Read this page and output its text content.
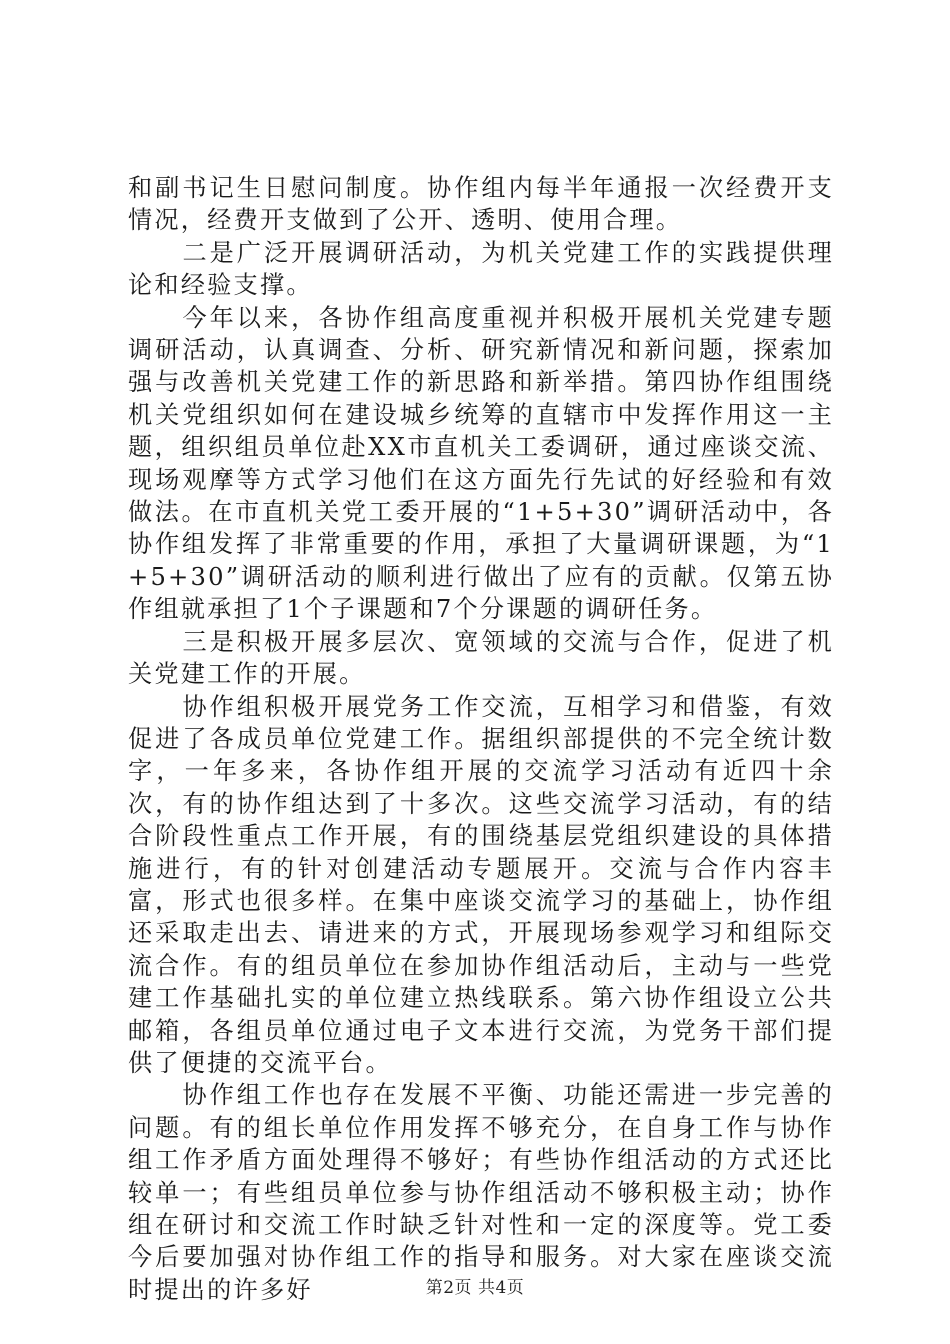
和副书记生日慰问制度。协作组内每半年通报一次经费开支情况，经费开支做到了公开、透明、使用合理。

二是广泛开展调研活动，为机关党建工作的实践提供理论和经验支撑。

今年以来，各协作组高度重视并积极开展机关党建专题调研活动，认真调查、分析、研究新情况和新问题，探索加强与改善机关党建工作的新思路和新举措。第四协作组围绕机关党组织如何在建设城乡统筹的直辖市中发挥作用这一主题，组织组员单位赴XX市直机关工委调研，通过座谈交流、现场观摩等方式学习他们在这方面先行先试的好经验和有效做法。在市直机关党工委开展的“1+5+30”调研活动中，各协作组发挥了非常重要的作用，承担了大量调研课题，为“1+5+30”调研活动的顺利进行做出了应有的贡献。仅第五协作组就承担了1个子课题和7个分课题的调研任务。

三是积极开展多层次、宽领域的交流与合作，促进了机关党建工作的开展。

协作组积极开展党务工作交流，互相学习和借鉴，有效促进了各成员单位党建工作。据组织部提供的不完全统计数字，一年多来，各协作组开展的交流学习活动有近四十余次，有的协作组达到了十多次。这些交流学习活动，有的结合阶段性重点工作开展，有的围绕基层党组织建设的具体措施进行，有的针对创建活动专题展开。交流与合作内容丰富，形式也很多样。在集中座谈交流学习的基础上，协作组还采取走出去、请进来的方式，开展现场参观学习和组际交流合作。有的组员单位在参加协作组活动后，主动与一些党建工作基础扎实的单位建立热线联系。第六协作组设立公共邮箱，各组员单位通过电子文本进行交流，为党务干部们提供了便捷的交流平台。

协作组工作也存在发展不平衡、功能还需进一步完善的问题。有的组长单位作用发挥不够充分，在自身工作与协作组工作矛盾方面处理得不够好；有些协作组活动的方式还比较单一；有些组员单位参与协作组活动不够积极主动；协作组在研讨和交流工作时缺乏针对性和一定的深度等。党工委今后要加强对协作组工作的指导和服务。对大家在座谈交流时提出的许多好	第2页 共4页
